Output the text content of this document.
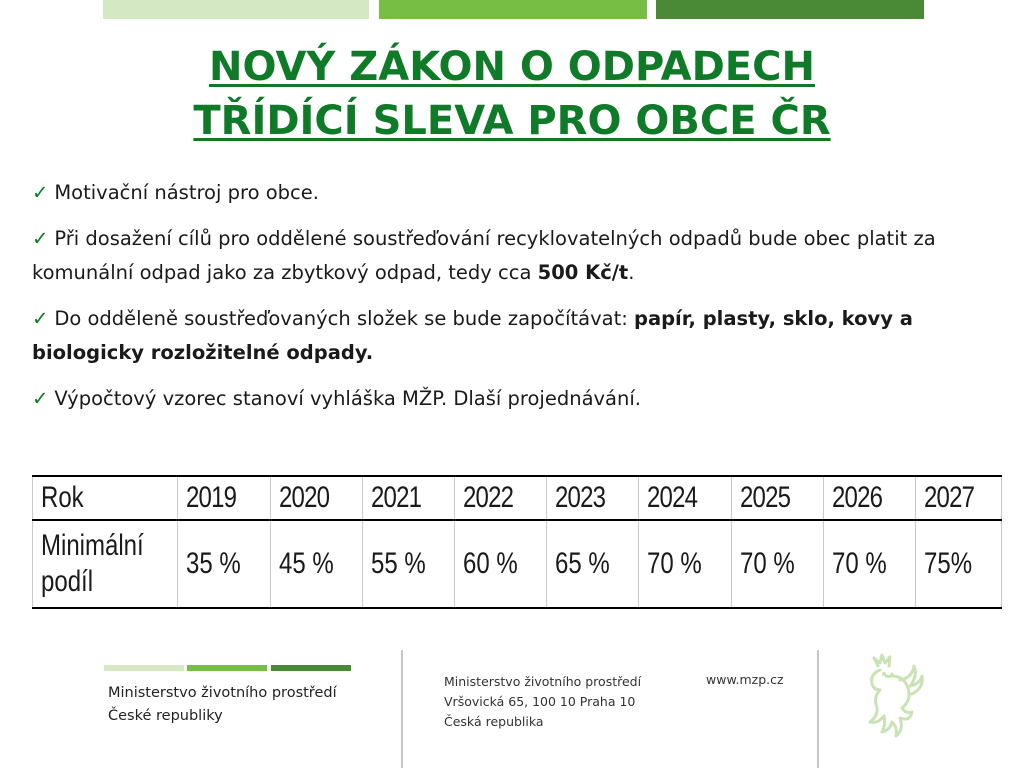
NOVÝ ZÁKON O ODPADECH
TŘÍDÍCÍ SLEVA PRO OBCE ČR

✓ Motivační nástroj pro obce.

✓ Při dosažení cílů pro oddělené soustřeďování recyklovatelných odpadů bude obec platit za komunální odpad jako za zbytkový odpad, tedy cca 500 Kč/t.

✓ Do odděleně soustřeďovaných složek se bude započítávat: papír, plasty, sklo, kovy a biologicky rozložitelné odpady.

✓ Výpočtový vzorec stanoví vyhláška MŽP. Dlaší projednávání.

Rok	2019	2020	2021	2022	2023	2024	2025	2026	2027
Minimální
podíl	35 %	45 %	55 %	60 %	65 %	70 %	70 %	70 %	75%
Ministerstvo životního prostředí
České republiky
Ministerstvo životního prostředí
Vršovická 65, 100 10 Praha 10
Česká republika
www.mzp.cz
